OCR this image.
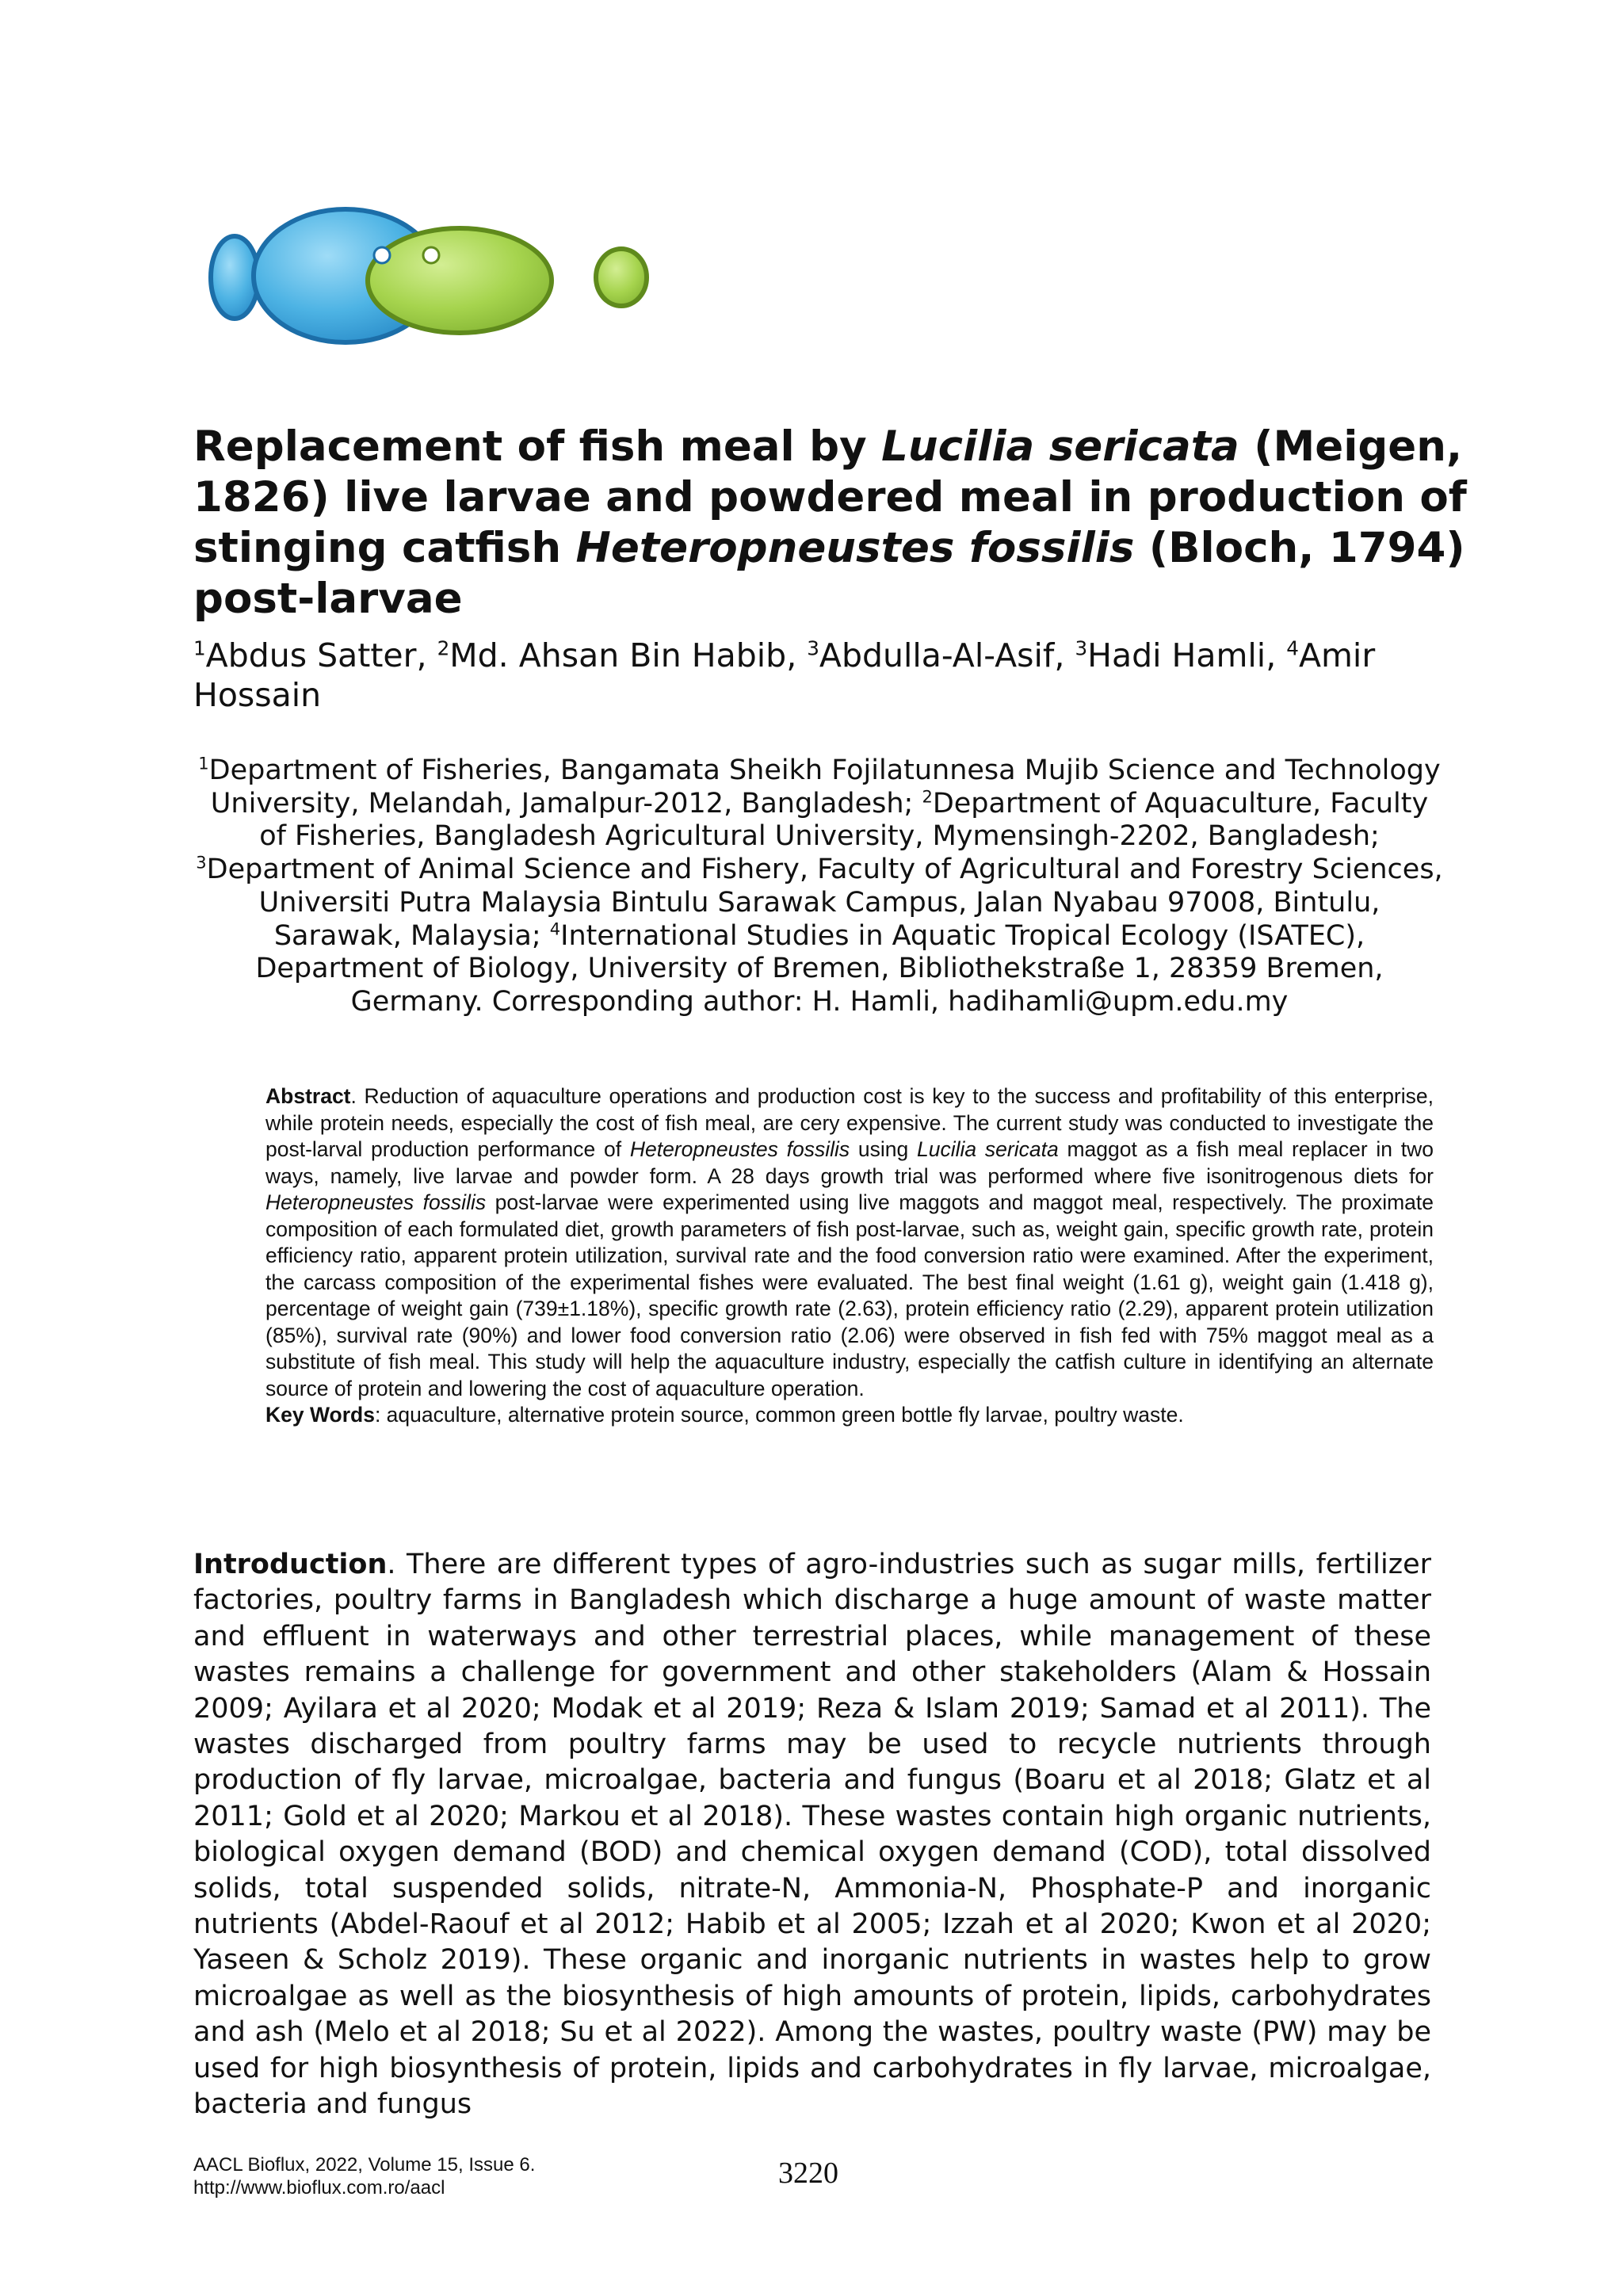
Replacement of fish meal by Lucilia sericata (Meigen, 1826) live larvae and powdered meal in production of stinging catfish Heteropneustes fossilis (Bloch, 1794) post-larvae
$^1$Abdus Satter, $^2$Md. Ahsan Bin Habib, $^3$Abdulla-Al-Asif, $^3$Hadi Hamli, $^4$Amir Hossain
$^1$Department of Fisheries, Bangamata Sheikh Fojilatunnesa Mujib Science and Technology University, Melandah, Jamalpur-2012, Bangladesh; $^2$Department of Aquaculture, Faculty of Fisheries, Bangladesh Agricultural University, Mymensingh-2202, Bangladesh; $^3$Department of Animal Science and Fishery, Faculty of Agricultural and Forestry Sciences, Universiti Putra Malaysia Bintulu Sarawak Campus, Jalan Nyabau 97008, Bintulu, Sarawak, Malaysia; $^4$International Studies in Aquatic Tropical Ecology (ISATEC), Department of Biology, University of Bremen, Bibliothekstraße 1, 28359 Bremen, Germany. Corresponding author: H. Hamli, hadihamli@upm.edu.my

Abstract. Reduction of aquaculture operations and production cost is key to the success and profitability of this enterprise, while protein needs, especially the cost of fish meal, are cery expensive. The current study was conducted to investigate the post-larval production performance of Heteropneustes fossilis using Lucilia sericata maggot as a fish meal replacer in two ways, namely, live larvae and powder form. A 28 days growth trial was performed where five isonitrogenous diets for Heteropneustes fossilis post-larvae were experimented using live maggots and maggot meal, respectively. The proximate composition of each formulated diet, growth parameters of fish post-larvae, such as, weight gain, specific growth rate, protein efficiency ratio, apparent protein utilization, survival rate and the food conversion ratio were examined. After the experiment, the carcass composition of the experimental fishes were evaluated. The best final weight (1.61 g), weight gain (1.418 g), percentage of weight gain (739±1.18%), specific growth rate (2.63), protein efficiency ratio (2.29), apparent protein utilization (85%), survival rate (90%) and lower food conversion ratio (2.06) were observed in fish fed with 75% maggot meal as a substitute of fish meal. This study will help the aquaculture industry, especially the catfish culture in identifying an alternate source of protein and lowering the cost of aquaculture operation.

Key Words: aquaculture, alternative protein source, common green bottle fly larvae, poultry waste.

Introduction. There are different types of agro-industries such as sugar mills, fertilizer factories, poultry farms in Bangladesh which discharge a huge amount of waste matter and effluent in waterways and other terrestrial places, while management of these wastes remains a challenge for government and other stakeholders (Alam & Hossain 2009; Ayilara et al 2020; Modak et al 2019; Reza & Islam 2019; Samad et al 2011). The wastes discharged from poultry farms may be used to recycle nutrients through production of fly larvae, microalgae, bacteria and fungus (Boaru et al 2018; Glatz et al 2011; Gold et al 2020; Markou et al 2018). These wastes contain high organic nutrients, biological oxygen demand (BOD) and chemical oxygen demand (COD), total dissolved solids, total suspended solids, nitrate-N, Ammonia-N, Phosphate-P and inorganic nutrients (Abdel-Raouf et al 2012; Habib et al 2005; Izzah et al 2020; Kwon et al 2020; Yaseen & Scholz 2019). These organic and inorganic nutrients in wastes help to grow microalgae as well as the biosynthesis of high amounts of protein, lipids, carbohydrates and ash (Melo et al 2018; Su et al 2022). Among the wastes, poultry waste (PW) may be used for high biosynthesis of protein, lipids and carbohydrates in fly larvae, microalgae, bacteria and fungus

AACL Bioflux, 2022, Volume 15, Issue 6.
http://www.bioflux.com.ro/aacl	3220
